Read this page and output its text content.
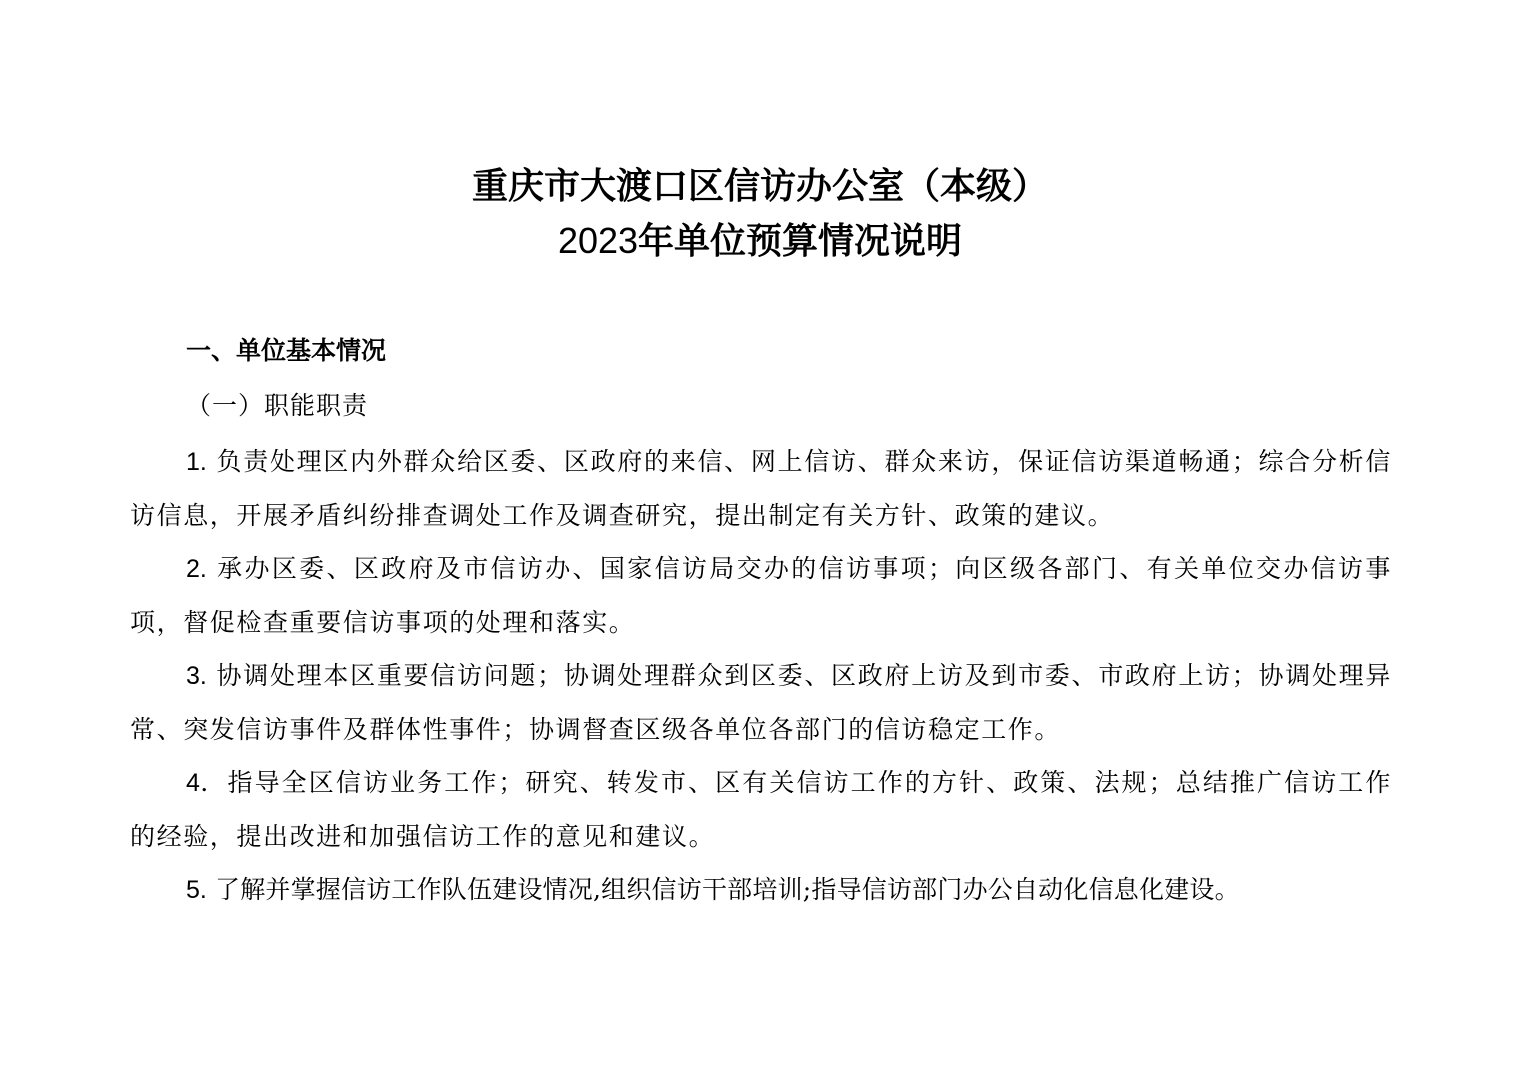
重庆市大渡口区信访办公室（本级）
2023年单位预算情况说明
一、单位基本情况
（一）职能职责

1. 负责处理区内外群众给区委、区政府的来信、网上信访、群众来访，保证信访渠道畅通；综合分析信访信息，开展矛盾纠纷排查调处工作及调查研究，提出制定有关方针、政策的建议。

2. 承办区委、区政府及市信访办、国家信访局交办的信访事项；向区级各部门、有关单位交办信访事项，督促检查重要信访事项的处理和落实。

3. 协调处理本区重要信访问题；协调处理群众到区委、区政府上访及到市委、市政府上访；协调处理异常、突发信访事件及群体性事件；协调督查区级各单位各部门的信访稳定工作。

4．指导全区信访业务工作；研究、转发市、区有关信访工作的方针、政策、法规；总结推广信访工作的经验，提出改进和加强信访工作的意见和建议。

5. 了解并掌握信访工作队伍建设情况,组织信访干部培训;指导信访部门办公自动化信息化建设。
